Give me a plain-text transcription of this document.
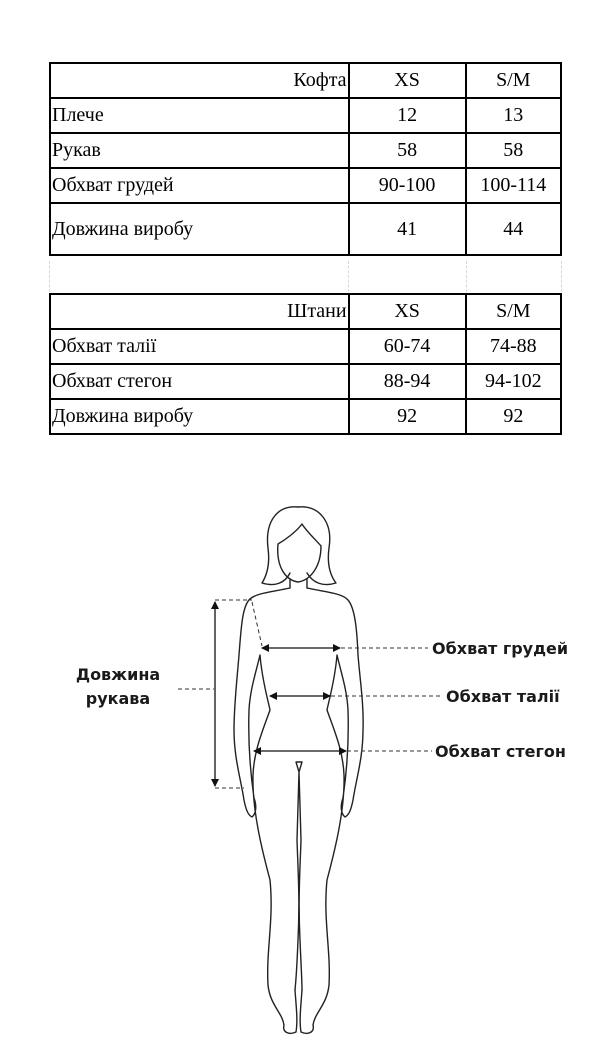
Кофта	XS	S/M
Плече	12	13
Рукав	58	58
Обхват грудей	90-100	100-114
Довжина виробу	41	44
Штани	XS	S/M
Обхват талії	60-74	74-88
Обхват стегон	88-94	94-102
Довжина виробу	92	92
Довжина
рукава
Обхват грудей
Обхват талії
Обхват стегон
